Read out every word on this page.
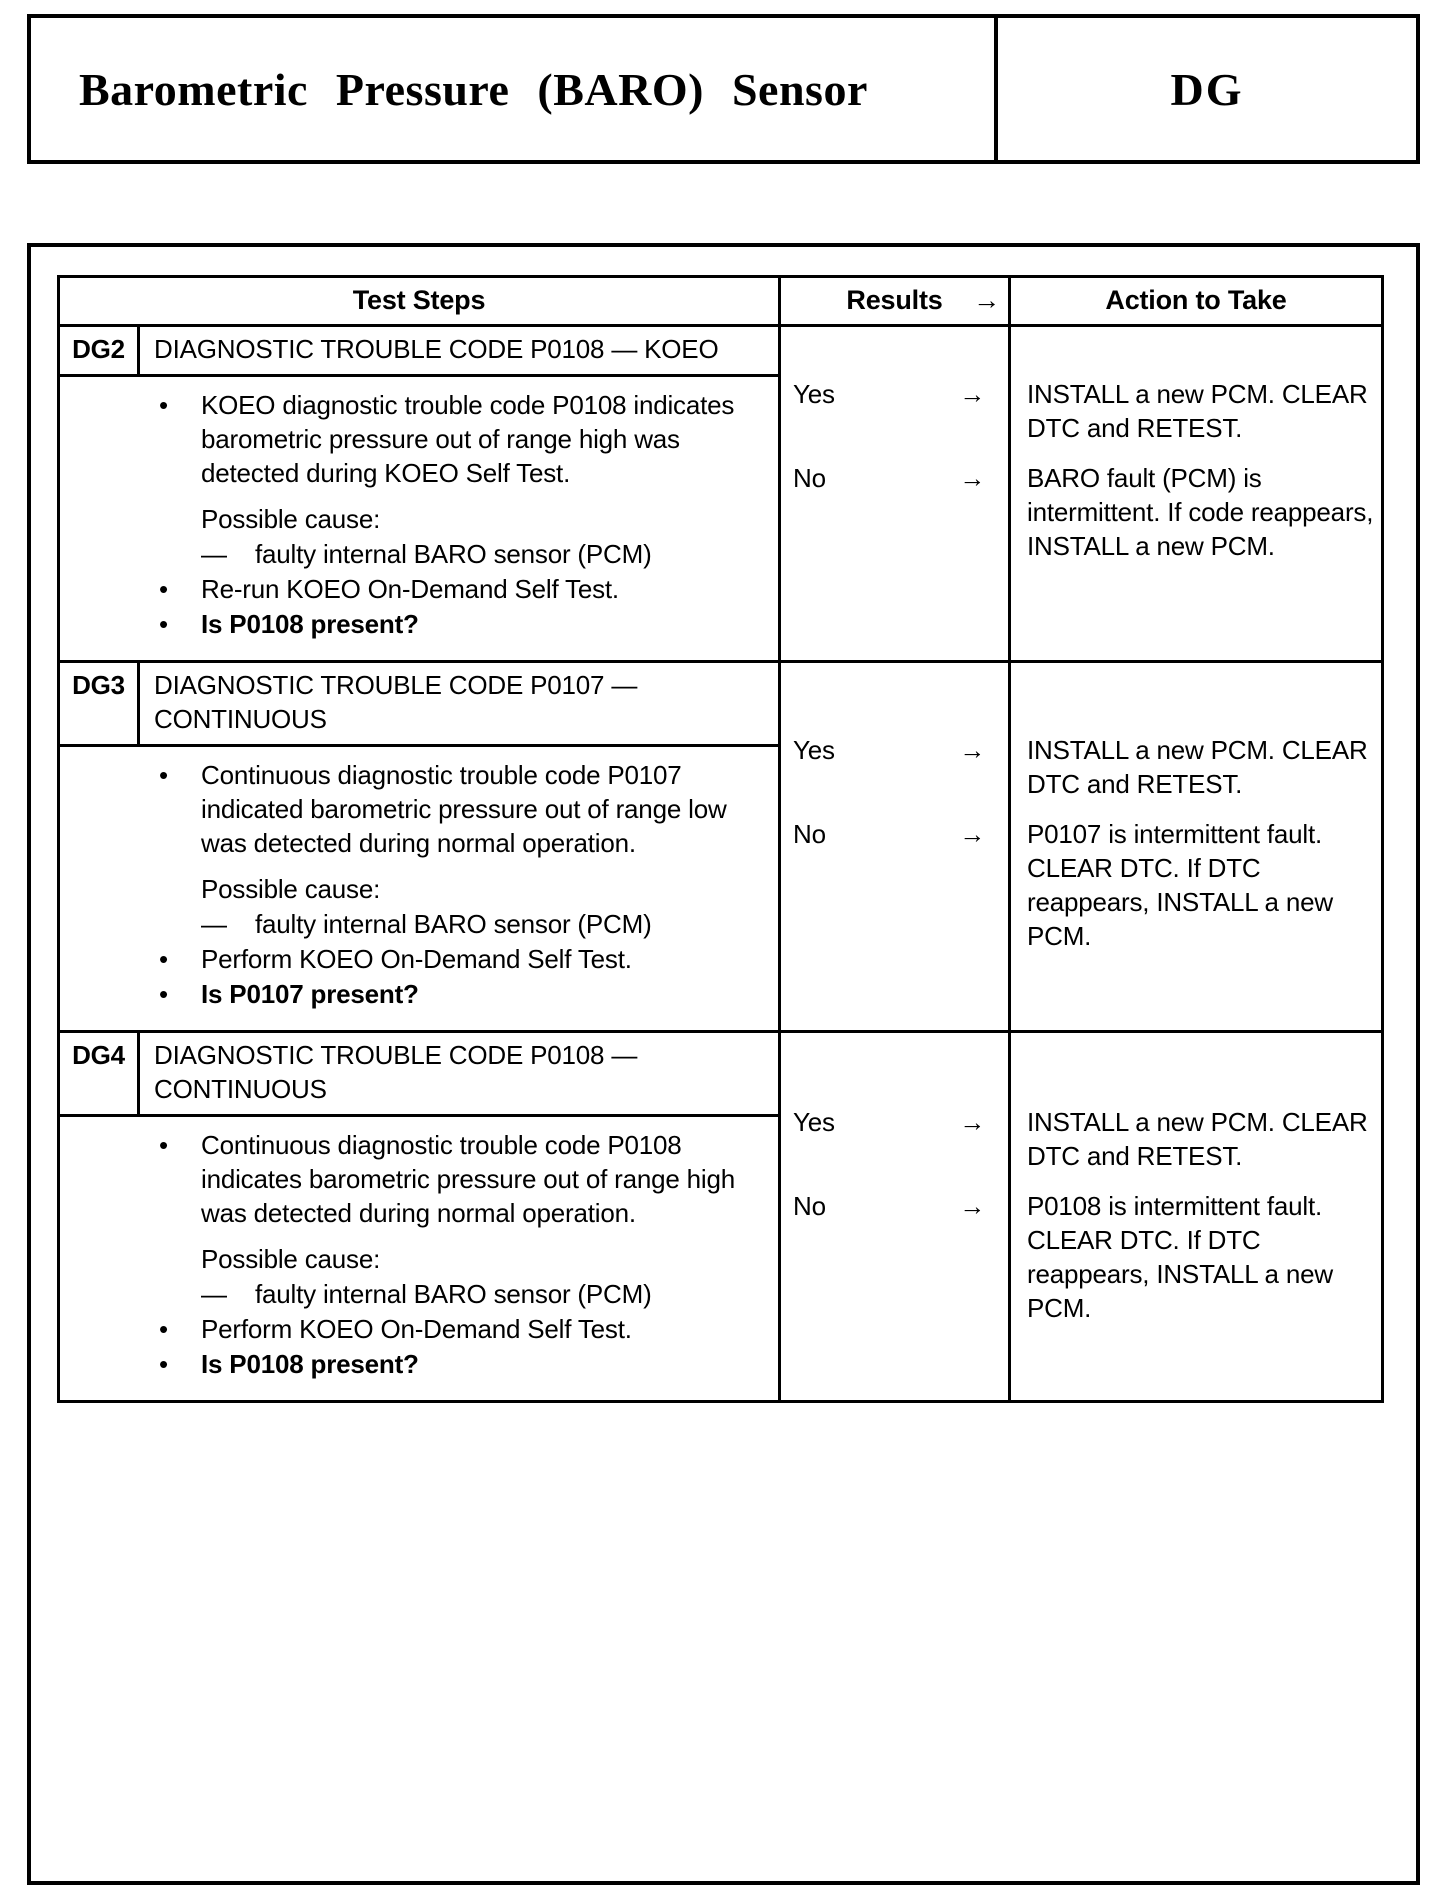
Barometric Pressure (BARO) Sensor	DG
Test Steps	Results →	Action to Take
DG2	DIAGNOSTIC TROUBLE CODE P0108 — KOEO
•	KOEO diagnostic trouble code P0108 indicates barometric pressure out of range high was detected during KOEO Self Test.

Possible cause:

—	faulty internal BARO sensor (PCM)

•	Re-run KOEO On-Demand Self Test.

•	Is P0108 present?

Yes	→ INSTALL a new PCM. CLEAR DTC and RETEST.

No	→ BARO fault (PCM) is intermittent. If code reappears, INSTALL a new PCM.

DG3	DIAGNOSTIC TROUBLE CODE P0107 — CONTINUOUS
•	Continuous diagnostic trouble code P0107 indicated barometric pressure out of range low was detected during normal operation.

Possible cause:

—	faulty internal BARO sensor (PCM)

•	Perform KOEO On-Demand Self Test.

•	Is P0107 present?

Yes	→ INSTALL a new PCM. CLEAR DTC and RETEST.

No	→ P0107 is intermittent fault. CLEAR DTC. If DTC reappears, INSTALL a new PCM.

DG4	DIAGNOSTIC TROUBLE CODE P0108 — CONTINUOUS
•	Continuous diagnostic trouble code P0108 indicates barometric pressure out of range high was detected during normal operation.

Possible cause:

—	faulty internal BARO sensor (PCM)

•	Perform KOEO On-Demand Self Test.

•	Is P0108 present?

Yes	→ INSTALL a new PCM. CLEAR DTC and RETEST.

No	→ P0108 is intermittent fault. CLEAR DTC. If DTC reappears, INSTALL a new PCM.
